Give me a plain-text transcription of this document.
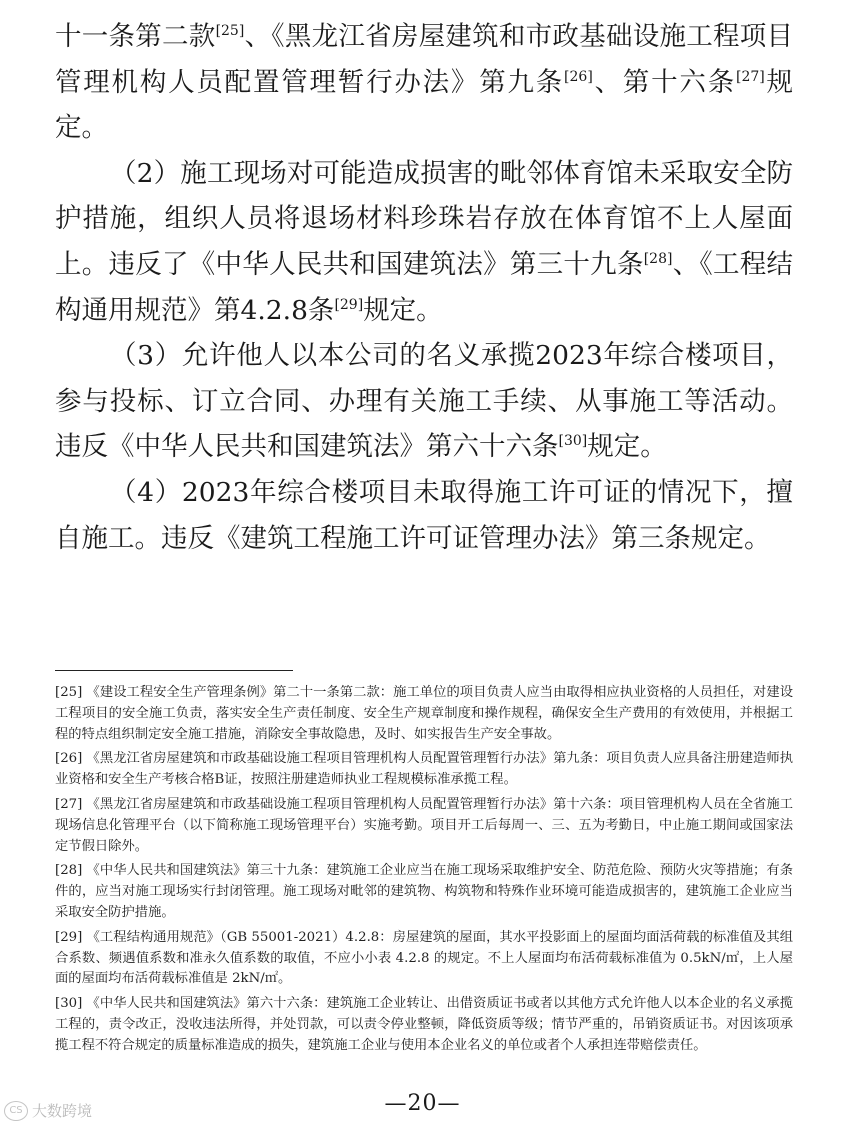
十一条第二款[25]、《黑龙江省房屋建筑和市政基础设施工程项目管理机构人员配置管理暂行办法》第九条[26]、第十六条[27]规定。

（2）施工现场对可能造成损害的毗邻体育馆未采取安全防护措施，组织人员将退场材料珍珠岩存放在体育馆不上人屋面上。违反了《中华人民共和国建筑法》第三十九条[28]、《工程结构通用规范》第4.2.8条[29]规定。

（3）允许他人以本公司的名义承揽2023年综合楼项目，参与投标、订立合同、办理有关施工手续、从事施工等活动。违反《中华人民共和国建筑法》第六十六条[30]规定。

（4）2023年综合楼项目未取得施工许可证的情况下，擅自施工。违反《建筑工程施工许可证管理办法》第三条规定。

[25] 《建设工程安全生产管理条例》第二十一条第二款：施工单位的项目负责人应当由取得相应执业资格的人员担任，对建设工程项目的安全施工负责，落实安全生产责任制度、安全生产规章制度和操作规程，确保安全生产费用的有效使用，并根据工程的特点组织制定安全施工措施，消除安全事故隐患，及时、如实报告生产安全事故。

[26] 《黑龙江省房屋建筑和市政基础设施工程项目管理机构人员配置管理暂行办法》第九条：项目负责人应具备注册建造师执业资格和安全生产考核合格B证，按照注册建造师执业工程规模标准承揽工程。

[27] 《黑龙江省房屋建筑和市政基础设施工程项目管理机构人员配置管理暂行办法》第十六条：项目管理机构人员在全省施工现场信息化管理平台（以下简称施工现场管理平台）实施考勤。项目开工后每周一、三、五为考勤日，中止施工期间或国家法定节假日除外。

[28] 《中华人民共和国建筑法》第三十九条：建筑施工企业应当在施工现场采取维护安全、防范危险、预防火灾等措施；有条件的，应当对施工现场实行封闭管理。施工现场对毗邻的建筑物、构筑物和特殊作业环境可能造成损害的，建筑施工企业应当采取安全防护措施。

[29] 《工程结构通用规范》（GB 55001-2021）4.2.8：房屋建筑的屋面，其水平投影面上的屋面均面活荷载的标准值及其组合系数、频遇值系数和准永久值系数的取值，不应小小表 4.2.8 的规定。不上人屋面均布活荷载标准值为 0.5kN/㎡，上人屋面的屋面均布活荷载标准值是 2kN/㎡。

[30] 《中华人民共和国建筑法》第六十六条：建筑施工企业转让、出借资质证书或者以其他方式允许他人以本企业的名义承揽工程的，责令改正，没收违法所得，并处罚款，可以责令停业整顿，降低资质等级；情节严重的，吊销资质证书。对因该项承揽工程不符合规定的质量标准造成的损失，建筑施工企业与使用本企业名义的单位或者个人承担连带赔偿责任。

—20—
CS 大数跨境
